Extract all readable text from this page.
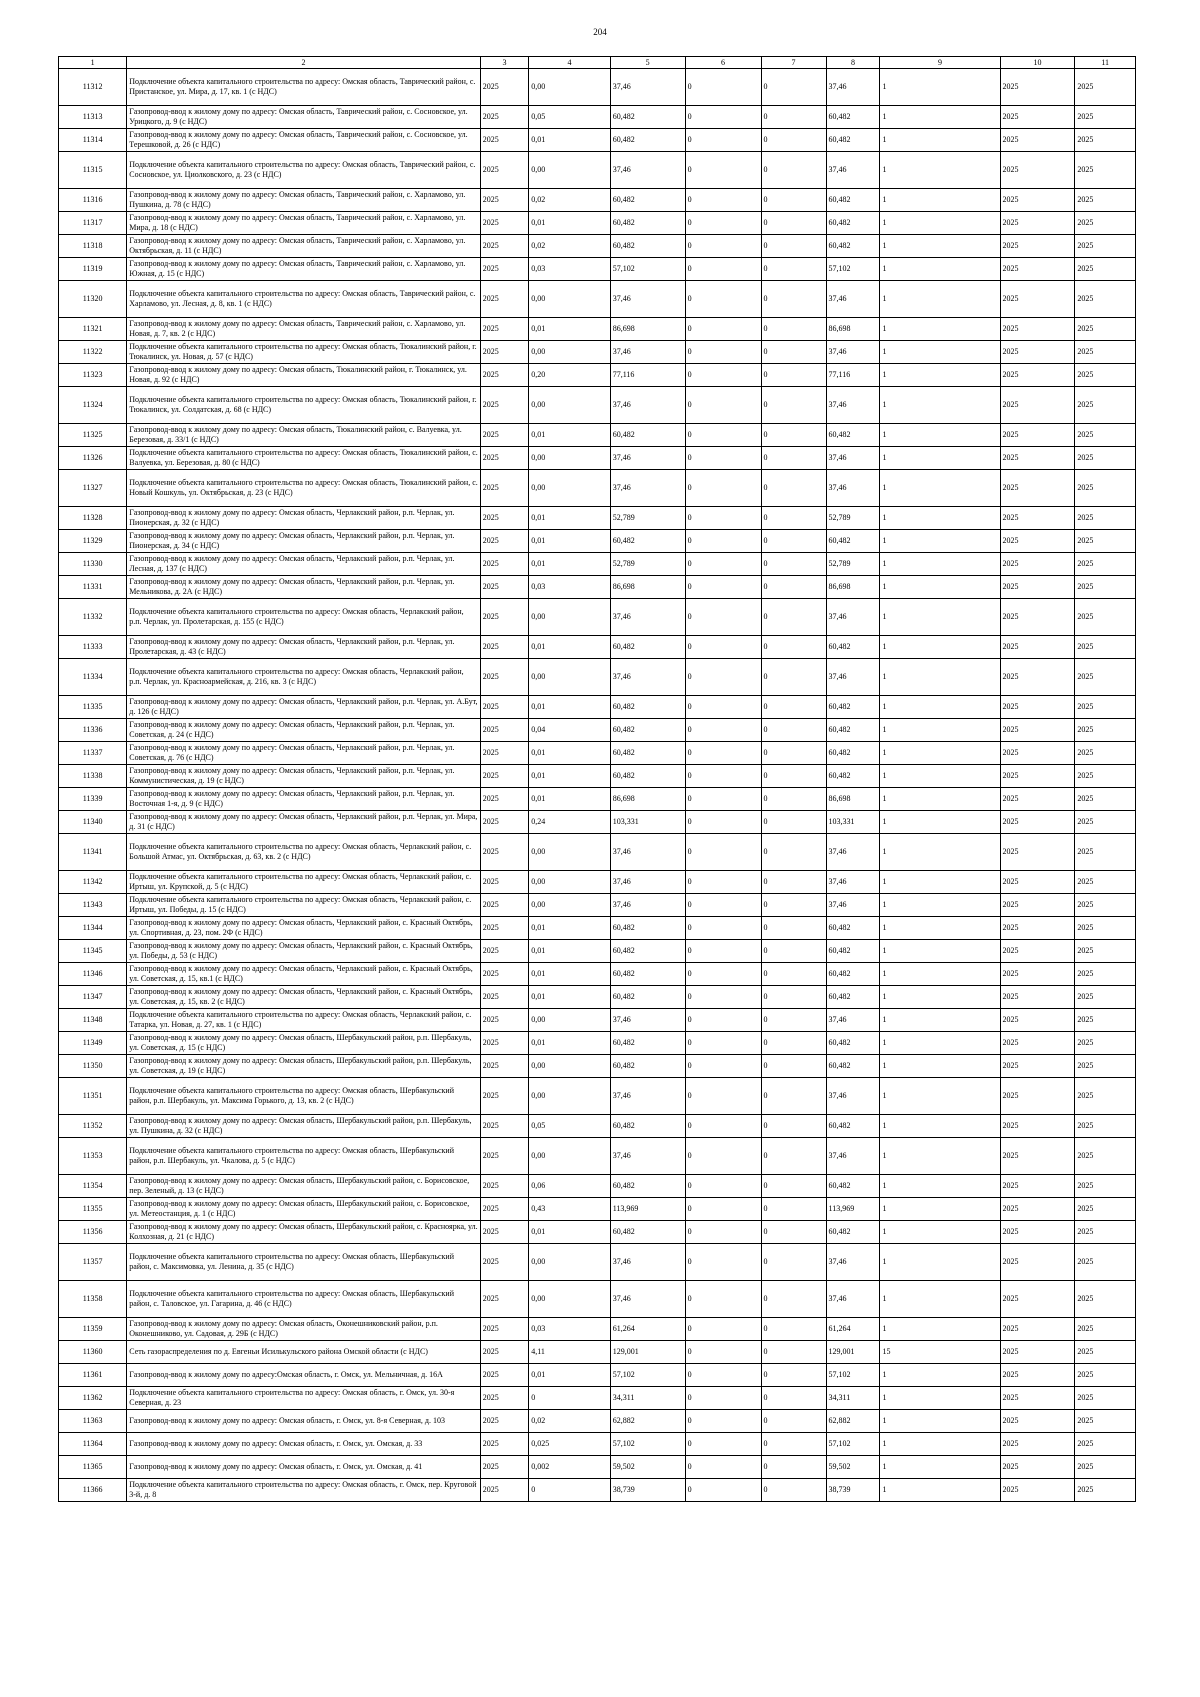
204
1	2	3	4	5	6	7	8	9	10	11
11312	Подключение объекта капитального строительства по адресу: Омская область, Таврический район, с. Пристанское, ул. Мира, д. 17, кв. 1 (с НДС)	2025	0,00	37,46	0	0	37,46	1	2025	2025
11313	Газопровод-ввод к жилому дому по адресу: Омская область, Таврический район, с. Сосновское, ул. Урицкого, д. 9 (с НДС)	2025	0,05	60,482	0	0	60,482	1	2025	2025
11314	Газопровод-ввод к жилому дому по адресу: Омская область, Таврический район, с. Сосновское, ул. Терешковой, д. 26 (с НДС)	2025	0,01	60,482	0	0	60,482	1	2025	2025
11315	Подключение объекта капитального строительства по адресу: Омская область, Таврический район, с. Сосновское, ул. Циолковского, д. 23 (с НДС)	2025	0,00	37,46	0	0	37,46	1	2025	2025
11316	Газопровод-ввод к жилому дому по адресу: Омская область, Таврический район, с. Харламово, ул. Пушкина, д. 78 (с НДС)	2025	0,02	60,482	0	0	60,482	1	2025	2025
11317	Газопровод-ввод к жилому дому по адресу: Омская область, Таврический район, с. Харламово, ул. Мира, д. 18 (с НДС)	2025	0,01	60,482	0	0	60,482	1	2025	2025
11318	Газопровод-ввод к жилому дому по адресу: Омская область, Таврический район, с. Харламово, ул. Октябрьская, д. 11 (с НДС)	2025	0,02	60,482	0	0	60,482	1	2025	2025
11319	Газопровод-ввод к жилому дому по адресу: Омская область, Таврический район, с. Харламово, ул. Южная, д. 15 (с НДС)	2025	0,03	57,102	0	0	57,102	1	2025	2025
11320	Подключение объекта капитального строительства по адресу: Омская область, Таврический район, с. Харламово, ул. Лесная, д. 8, кв. 1 (с НДС)	2025	0,00	37,46	0	0	37,46	1	2025	2025
11321	Газопровод-ввод к жилому дому по адресу: Омская область, Таврический район, с. Харламово, ул. Новая, д. 7, кв. 2 (с НДС)	2025	0,01	86,698	0	0	86,698	1	2025	2025
11322	Подключение объекта капитального строительства по адресу: Омская область, Тюкалинский район, г. Тюкалинск, ул. Новая, д. 57 (с НДС)	2025	0,00	37,46	0	0	37,46	1	2025	2025
11323	Газопровод-ввод к жилому дому по адресу: Омская область, Тюкалинский район, г. Тюкалинск, ул. Новая, д. 92 (с НДС)	2025	0,20	77,116	0	0	77,116	1	2025	2025
11324	Подключение объекта капитального строительства по адресу: Омская область, Тюкалинский район, г. Тюкалинск, ул. Солдатская, д. 68 (с НДС)	2025	0,00	37,46	0	0	37,46	1	2025	2025
11325	Газопровод-ввод к жилому дому по адресу: Омская область, Тюкалинский район, с. Валуевка, ул. Березовая, д. 33/1 (с НДС)	2025	0,01	60,482	0	0	60,482	1	2025	2025
11326	Подключение объекта капитального строительства по адресу: Омская область, Тюкалинский район, с. Валуевка, ул. Березовая, д. 80 (с НДС)	2025	0,00	37,46	0	0	37,46	1	2025	2025
11327	Подключение объекта капитального строительства по адресу: Омская область, Тюкалинский район, с. Новый Кошкуль, ул. Октябрьская, д. 23 (с НДС)	2025	0,00	37,46	0	0	37,46	1	2025	2025
11328	Газопровод-ввод к жилому дому по адресу: Омская область, Черлакский район, р.п. Черлак, ул. Пионерская, д. 32 (с НДС)	2025	0,01	52,789	0	0	52,789	1	2025	2025
11329	Газопровод-ввод к жилому дому по адресу: Омская область, Черлакский район, р.п. Черлак, ул. Пионерская, д. 34 (с НДС)	2025	0,01	60,482	0	0	60,482	1	2025	2025
11330	Газопровод-ввод к жилому дому по адресу: Омская область, Черлакский район, р.п. Черлак, ул. Лесная, д. 137 (с НДС)	2025	0,01	52,789	0	0	52,789	1	2025	2025
11331	Газопровод-ввод к жилому дому по адресу: Омская область, Черлакский район, р.п. Черлак, ул. Мельникова, д. 2А (с НДС)	2025	0,03	86,698	0	0	86,698	1	2025	2025
11332	Подключение объекта капитального строительства по адресу: Омская область, Черлакский район, р.п. Черлак, ул. Пролетарская, д. 155 (с НДС)	2025	0,00	37,46	0	0	37,46	1	2025	2025
11333	Газопровод-ввод к жилому дому по адресу: Омская область, Черлакский район, р.п. Черлак, ул. Пролетарская, д. 43 (с НДС)	2025	0,01	60,482	0	0	60,482	1	2025	2025
11334	Подключение объекта капитального строительства по адресу: Омская область, Черлакский район, р.п. Черлак, ул. Красноармейская, д. 216, кв. 3 (с НДС)	2025	0,00	37,46	0	0	37,46	1	2025	2025
11335	Газопровод-ввод к жилому дому по адресу: Омская область, Черлакский район, р.п. Черлак, ул. А.Бут, д. 126 (с НДС)	2025	0,01	60,482	0	0	60,482	1	2025	2025
11336	Газопровод-ввод к жилому дому по адресу: Омская область, Черлакский район, р.п. Черлак, ул. Советская, д. 24 (с НДС)	2025	0,04	60,482	0	0	60,482	1	2025	2025
11337	Газопровод-ввод к жилому дому по адресу: Омская область, Черлакский район, р.п. Черлак, ул. Советская, д. 76 (с НДС)	2025	0,01	60,482	0	0	60,482	1	2025	2025
11338	Газопровод-ввод к жилому дому по адресу: Омская область, Черлакский район, р.п. Черлак, ул. Коммунистическая, д. 19 (с НДС)	2025	0,01	60,482	0	0	60,482	1	2025	2025
11339	Газопровод-ввод к жилому дому по адресу: Омская область, Черлакский район, р.п. Черлак, ул. Восточная 1-я, д. 9 (с НДС)	2025	0,01	86,698	0	0	86,698	1	2025	2025
11340	Газопровод-ввод к жилому дому по адресу: Омская область, Черлакский район, р.п. Черлак, ул. Мира, д. 31 (с НДС)	2025	0,24	103,331	0	0	103,331	1	2025	2025
11341	Подключение объекта капитального строительства по адресу: Омская область, Черлакский район, с. Большой Атмас, ул. Октябрьская, д. 63, кв. 2 (с НДС)	2025	0,00	37,46	0	0	37,46	1	2025	2025
11342	Подключение объекта капитального строительства по адресу: Омская область, Черлакский район, с. Иртыш, ул. Крупской, д. 5 (с НДС)	2025	0,00	37,46	0	0	37,46	1	2025	2025
11343	Подключение объекта капитального строительства по адресу: Омская область, Черлакский район, с. Иртыш, ул. Победы, д. 15 (с НДС)	2025	0,00	37,46	0	0	37,46	1	2025	2025
11344	Газопровод-ввод к жилому дому по адресу: Омская область, Черлакский район, с. Красный Октябрь, ул. Спортивная, д. 23, пом. 2Ф (с НДС)	2025	0,01	60,482	0	0	60,482	1	2025	2025
11345	Газопровод-ввод к жилому дому по адресу: Омская область, Черлакский район, с. Красный Октябрь, ул. Победы, д. 53 (с НДС)	2025	0,01	60,482	0	0	60,482	1	2025	2025
11346	Газопровод-ввод к жилому дому по адресу: Омская область, Черлакский район, с. Красный Октябрь, ул. Советская, д. 15, кв.1 (с НДС)	2025	0,01	60,482	0	0	60,482	1	2025	2025
11347	Газопровод-ввод к жилому дому по адресу: Омская область, Черлакский район, с. Красный Октябрь, ул. Советская, д. 15, кв. 2 (с НДС)	2025	0,01	60,482	0	0	60,482	1	2025	2025
11348	Подключение объекта капитального строительства по адресу: Омская область, Черлакский район, с. Татарка, ул. Новая, д. 27, кв. 1 (с НДС)	2025	0,00	37,46	0	0	37,46	1	2025	2025
11349	Газопровод-ввод к жилому дому по адресу: Омская область, Шербакульский район, р.п. Шербакуль, ул. Советская, д. 15 (с НДС)	2025	0,01	60,482	0	0	60,482	1	2025	2025
11350	Газопровод-ввод к жилому дому по адресу: Омская область, Шербакульский район, р.п. Шербакуль, ул. Советская, д. 19 (с НДС)	2025	0,00	60,482	0	0	60,482	1	2025	2025
11351	Подключение объекта капитального строительства по адресу: Омская область, Шербакульский район, р.п. Шербакуль, ул. Максима Горького, д. 13, кв. 2 (с НДС)	2025	0,00	37,46	0	0	37,46	1	2025	2025
11352	Газопровод-ввод к жилому дому по адресу: Омская область, Шербакульский район, р.п. Шербакуль, ул. Пушкина, д. 32 (с НДС)	2025	0,05	60,482	0	0	60,482	1	2025	2025
11353	Подключение объекта капитального строительства по адресу: Омская область, Шербакульский район, р.п. Шербакуль, ул. Чкалова, д. 5 (с НДС)	2025	0,00	37,46	0	0	37,46	1	2025	2025
11354	Газопровод-ввод к жилому дому по адресу: Омская область, Шербакульский район, с. Борисовское, пер. Зеленый, д. 13 (с НДС)	2025	0,06	60,482	0	0	60,482	1	2025	2025
11355	Газопровод-ввод к жилому дому по адресу: Омская область, Шербакульский район, с. Борисовское, ул. Метеостанция, д. 1 (с НДС)	2025	0,43	113,969	0	0	113,969	1	2025	2025
11356	Газопровод-ввод к жилому дому по адресу: Омская область, Шербакульский район, с. Красноярка, ул. Колхозная, д. 21 (с НДС)	2025	0,01	60,482	0	0	60,482	1	2025	2025
11357	Подключение объекта капитального строительства по адресу: Омская область, Шербакульский район, с. Максимовка, ул. Ленина, д. 35 (с НДС)	2025	0,00	37,46	0	0	37,46	1	2025	2025
11358	Подключение объекта капитального строительства по адресу: Омская область, Шербакульский район, с. Таловское, ул. Гагарина, д. 46 (с НДС)	2025	0,00	37,46	0	0	37,46	1	2025	2025
11359	Газопровод-ввод к жилому дому по адресу: Омская область, Оконешниковский район, р.п. Оконешниково, ул. Садовая, д. 29Б (с НДС)	2025	0,03	61,264	0	0	61,264	1	2025	2025
11360	Сеть газораспределения по д. Евгеньи Исилькульского района Омской области (с НДС)	2025	4,11	129,001	0	0	129,001	15	2025	2025
11361	Газопровод-ввод к жилому дому по адресу:Омская область, г. Омск, ул. Мельничная, д. 16А	2025	0,01	57,102	0	0	57,102	1	2025	2025
11362	Подключение объекта капитального строительства по адресу: Омская область, г. Омск, ул. 30-я Северная, д. 23	2025	0	34,311	0	0	34,311	1	2025	2025
11363	Газопровод-ввод к жилому дому по адресу: Омская область, г. Омск, ул. 8-я Северная, д. 103	2025	0,02	62,882	0	0	62,882	1	2025	2025
11364	Газопровод-ввод к жилому дому по адресу: Омская область, г. Омск, ул. Омская, д. 33	2025	0,025	57,102	0	0	57,102	1	2025	2025
11365	Газопровод-ввод к жилому дому по адресу: Омская область, г. Омск, ул. Омская, д. 41	2025	0,002	59,502	0	0	59,502	1	2025	2025
11366	Подключение объекта капитального строительства по адресу: Омская область, г. Омск, пер. Круговой 3-й, д. 8	2025	0	38,739	0	0	38,739	1	2025	2025
